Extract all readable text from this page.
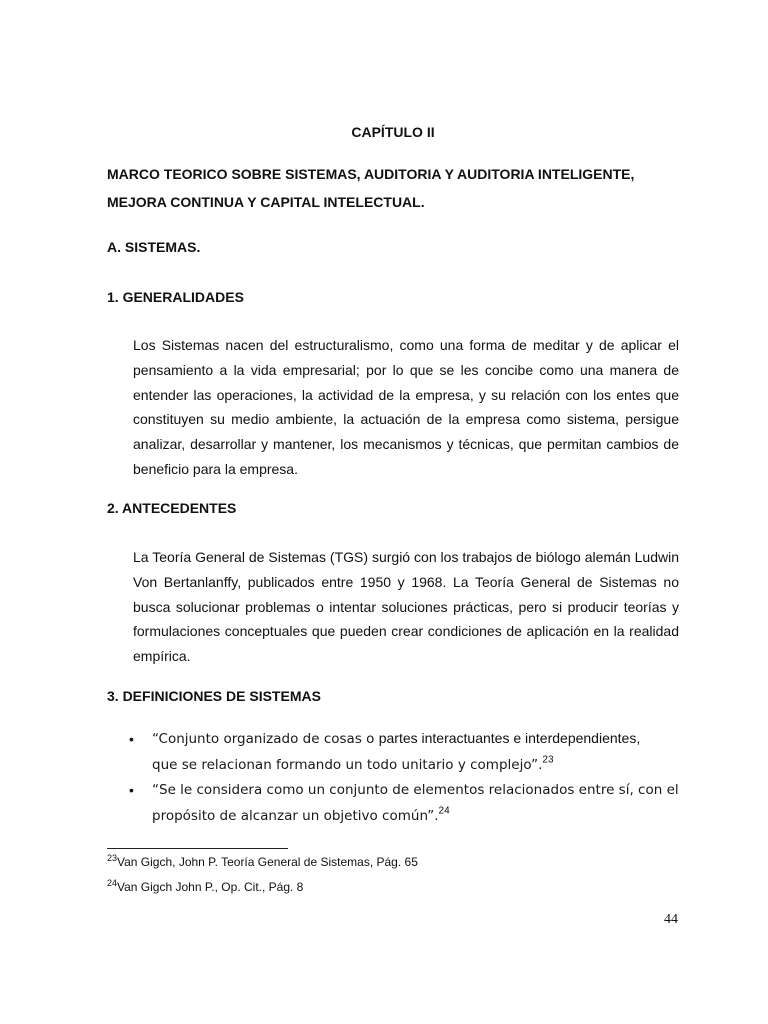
CAPÍTULO II

MARCO TEORICO SOBRE SISTEMAS, AUDITORIA Y AUDITORIA INTELIGENTE,

MEJORA CONTINUA Y CAPITAL INTELECTUAL.

A. SISTEMAS.

1. GENERALIDADES

Los Sistemas nacen del estructuralismo, como una forma de meditar y de aplicar el pensamiento a la vida empresarial; por lo que se les concibe como una manera de entender las operaciones, la actividad de la empresa, y su relación con los entes que constituyen su medio ambiente, la actuación de la empresa como sistema, persigue analizar, desarrollar y mantener, los mecanismos y técnicas, que permitan cambios de beneficio para la empresa.

2. ANTECEDENTES

La Teoría General de Sistemas (TGS) surgió con los trabajos de biólogo alemán Ludwin Von Bertanlanffy, publicados entre 1950 y 1968. La Teoría General de Sistemas no busca solucionar problemas o intentar soluciones prácticas, pero si producir teorías y formulaciones conceptuales que pueden crear condiciones de aplicación en la realidad empírica.

3. DEFINICIONES DE SISTEMAS

• “Conjunto organizado de cosas o partes interactuantes e interdependientes,

que se relacionan formando un todo unitario y complejo”.$^{23}$

• “Se le considera como un conjunto de elementos relacionados entre sí, con el

propósito de alcanzar un objetivo común”.$^{24}$

$^{23}$Van Gigch, John P. Teoría General de Sistemas, Pág. 65

$^{24}$Van Gigch John P., Op. Cit., Pág. 8

44
